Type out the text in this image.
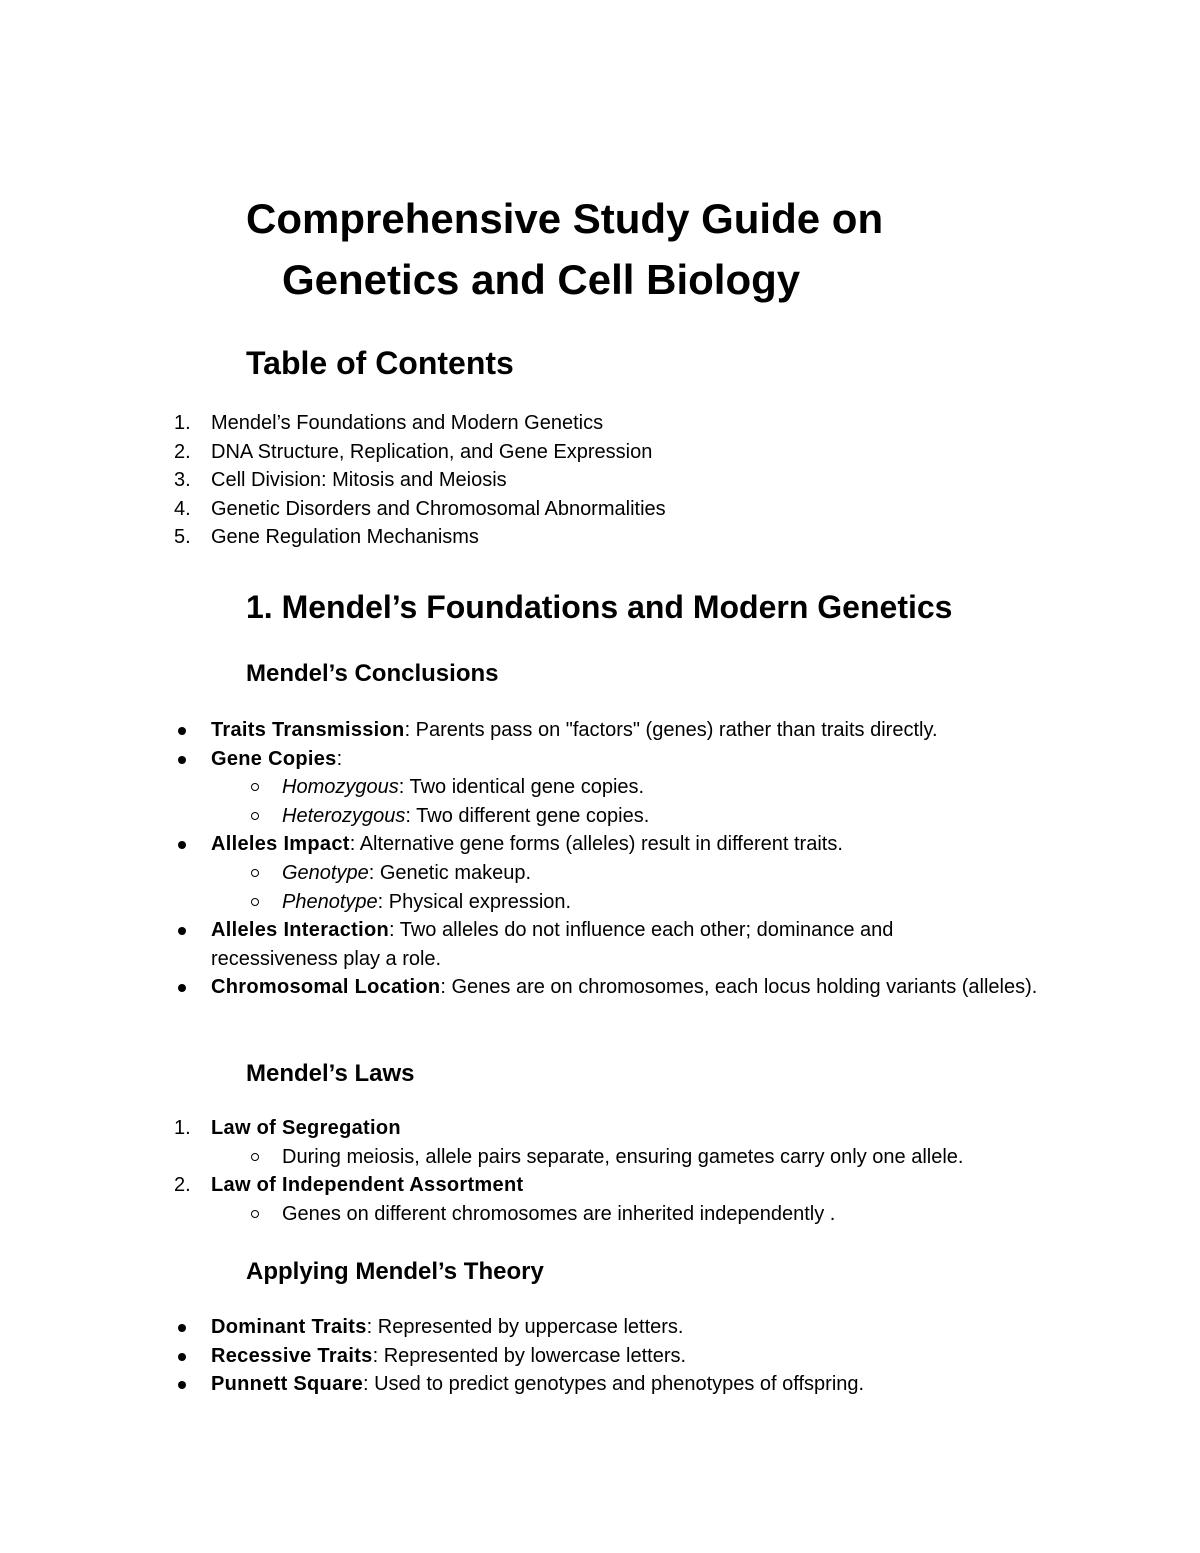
Comprehensive Study Guide on
Genetics and Cell Biology
Table of Contents
1.	Mendel’s Foundations and Modern Genetics
2.	DNA Structure, Replication, and Gene Expression
3.	Cell Division: Mitosis and Meiosis
4.	Genetic Disorders and Chromosomal Abnormalities
5.	Gene Regulation Mechanisms
1. Mendel’s Foundations and Modern Genetics
Mendel’s Conclusions
Traits Transmission: Parents pass on "factors" (genes) rather than traits directly.
Gene Copies:
Homozygous: Two identical gene copies.
Heterozygous: Two different gene copies.
Alleles Impact: Alternative gene forms (alleles) result in different traits.
Genotype: Genetic makeup.
Phenotype: Physical expression.
Alleles Interaction: Two alleles do not influence each other; dominance and recessiveness play a role.
Chromosomal Location: Genes are on chromosomes, each locus holding variants (alleles).
Mendel’s Laws
1.	Law of Segregation
During meiosis, allele pairs separate, ensuring gametes carry only one allele.
2.	Law of Independent Assortment
Genes on different chromosomes are inherited independently .
Applying Mendel’s Theory
Dominant Traits: Represented by uppercase letters.
Recessive Traits: Represented by lowercase letters.
Punnett Square: Used to predict genotypes and phenotypes of offspring.
